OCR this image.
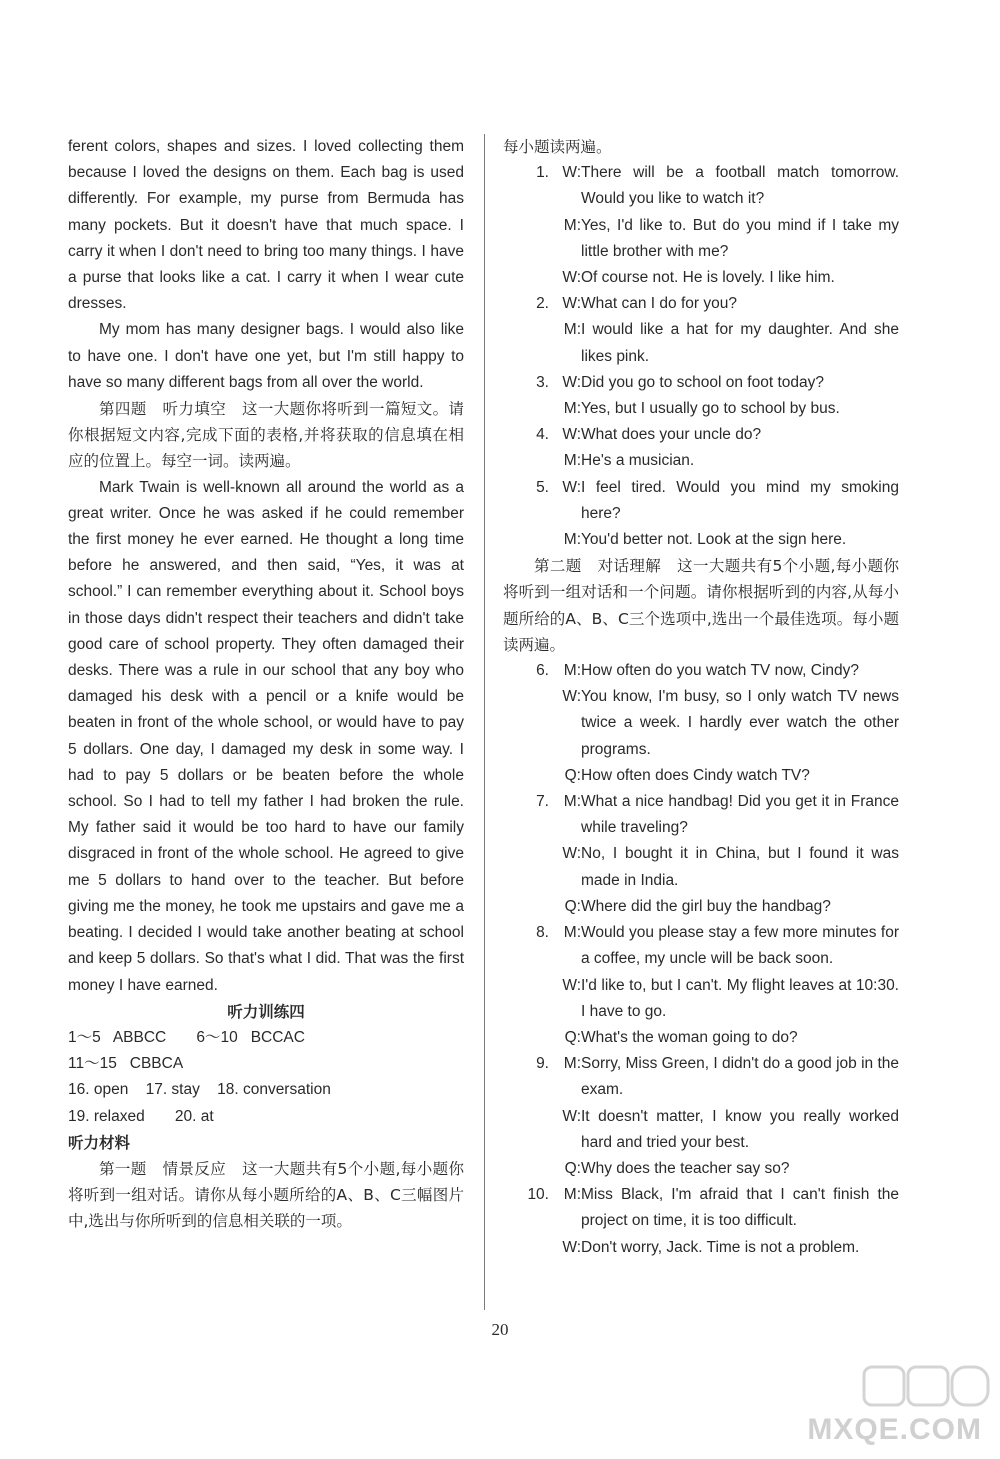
ferent colors, shapes and sizes. I loved collecting them because I loved the designs on them. Each bag is used differently. For example, my purse from Bermuda has many pockets. But it doesn't have that much space. I carry it when I don't need to bring too many things. I have a purse that looks like a cat. I carry it when I wear cute dresses.

My mom has many designer bags. I would also like to have one. I don't have one yet, but I'm still happy to have so many different bags from all over the world.

第四题　听力填空　这一大题你将听到一篇短文。请你根据短文内容,完成下面的表格,并将获取的信息填在相应的位置上。每空一词。读两遍。

Mark Twain is well-known all around the world as a great writer. Once he was asked if he could remember the first money he ever earned. He thought a long time before he answered, and then said, “Yes, it was at school.” I can remember everything about it. School boys in those days didn't respect their teachers and didn't take good care of school property. They often damaged their desks. There was a rule in our school that any boy who damaged his desk with a pencil or a knife would be beaten in front of the whole school, or would have to pay 5 dollars. One day, I damaged my desk in some way. I had to pay 5 dollars or be beaten before the whole school. So I had to tell my father I had broken the rule. My father said it would be too hard to have our family disgraced in front of the whole school. He agreed to give me 5 dollars to hand over to the teacher. But before giving me the money, he took me upstairs and gave me a beating. I decided I would take another beating at school and keep 5 dollars. So that's what I did. That was the first money I have earned.

听力训练四

1～5 ABBCC 6～10 BCCAC

11～15 CBBCA

16. open 17. stay 18. conversation

19. relaxed 20. at

听力材料

第一题　情景反应　这一大题共有5个小题,每小题你将听到一组对话。请你从每小题所给的A、B、C三幅图片中,选出与你所听到的信息相关联的一项。

每小题读两遍。

1. W: There will be a football match tomorrow. Would you like to watch it?
M: Yes, I'd like to. But do you mind if I take my little brother with me?
W: Of course not. He is lovely. I like him.
2. W: What can I do for you?
M: I would like a hat for my daughter. And she likes pink.
3. W: Did you go to school on foot today?
M: Yes, but I usually go to school by bus.
4. W: What does your uncle do?
M: He's a musician.
5. W: I feel tired. Would you mind my smoking here?
M: You'd better not. Look at the sign here.

第二题　对话理解　这一大题共有5个小题,每小题你将听到一组对话和一个问题。请你根据听到的内容,从每小题所给的A、B、C三个选项中,选出一个最佳选项。每小题读两遍。

6. M: How often do you watch TV now, Cindy?
W: You know, I'm busy, so I only watch TV news twice a week. I hardly ever watch the other programs.
Q: How often does Cindy watch TV?
7. M: What a nice handbag! Did you get it in France while traveling?
W: No, I bought it in China, but I found it was made in India.
Q: Where did the girl buy the handbag?
8. M: Would you please stay a few more minutes for a coffee, my uncle will be back soon.
W: I'd like to, but I can't. My flight leaves at 10:30. I have to go.
Q: What's the woman going to do?
9. M: Sorry, Miss Green, I didn't do a good job in the exam.
W: It doesn't matter, I know you really worked hard and tried your best.
Q: Why does the teacher say so?
10. M: Miss Black, I'm afraid that I can't finish the project on time, it is too difficult.
W: Don't worry, Jack. Time is not a problem.
20
MXQE.COM
